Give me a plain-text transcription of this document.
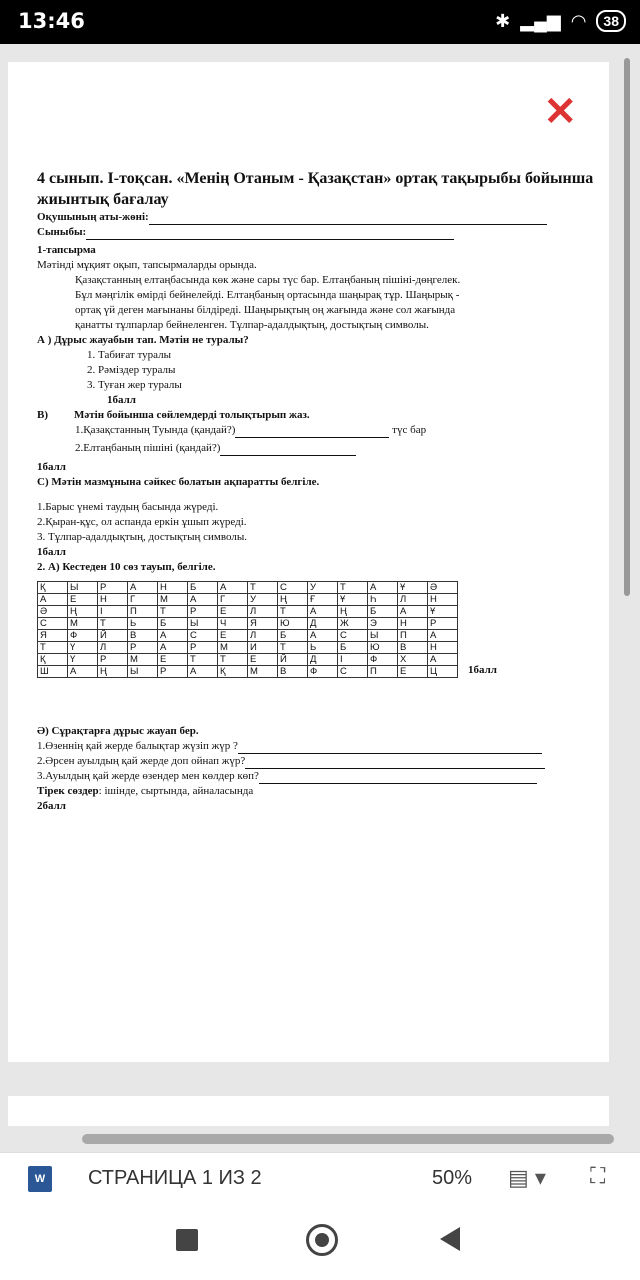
13:46	✱ ▂▄▆ ◠	38
✕
4 сынып. I-тоқсан. «Менің Отаным - Қазақстан» ортақ тақырыбы бойынша жиынтық бағалау
Оқушының аты-жөні:
Сыныбы:
1-тапсырма
Мәтінді мұқият оқып, тапсырмаларды орында.
Қазақстанның елтаңбасында көк және сары түс бар. Елтаңбаның пішіні-дөңгелек.
Бұл мәңгілік өмірді бейнелейді. Елтаңбаның ортасында шаңырақ тұр. Шаңырық -
ортақ үй деген мағынаны білдіреді. Шаңырықтың оң жағында және сол жағында
қанатты тұлпарлар бейнеленген. Тұлпар-адалдықтың, достықтың символы.
А ) Дұрыс жауабын тап. Мәтін не туралы?
1. Табиғат туралы
2. Рәміздер туралы
3. Туған жер туралы
1балл
В) Мәтін бойынша сөйлемдерді толықтырып жаз.
1.Қазақстанның Туында (қандай?)	түс бар
2.Елтаңбаның пішіні (қандай?)
1балл
С) Мәтін мазмұнына сәйкес болатын ақпаратты белгіле.
1.Барыс үнемі таудың басында жүреді.
2.Қыран-құс, ол аспанда еркін ұшып жүреді.
3. Тұлпар-адалдықтың, достықтың символы.
1балл
2. А) Кестеден 10 сөз тауып, белгіле.
Қ	Ы	Р	А	Н	Б	А	Т	С	У	Т	А	Ұ	Ә
А	Е	Н	Г	М	А	Г	У	Ң	Ғ	Ұ	Һ	Л	Н
Ә	Ң	І	П	Т	Р	Е	Л	Т	А	Ң	Б	А	Ұ
С	М	Т	Ь	Б	Ы	Ч	Я	Ю	Д	Ж	Э	Н	Р
Я	Ф	Й	В	А	С	Е	Л	Б	А	С	Ы	П	А
Т	Ү	Л	Р	А	Р	М	И	Т	Ь	Б	Ю	В	Н
Қ	Ү	Р	М	Е	Т	Т	Е	Й	Д	І	Ф	Х	А
Ш	А	Ң	Ы	Р	А	Қ	М	В	Ф	С	П	Е	Ц	1балл
Ә) Сұрақтарға дұрыс жауап бер.
1.Өзеннің қай жерде балықтар жүзіп жүр ?
2.Әрсен ауылдың қай жерде доп ойнап жүр?
3.Ауылдың қай жерде өзендер мен көлдер көп?
Тірек сөздер: ішінде, сыртында, айналасында
2балл
W	СТРАНИЦА 1 ИЗ 2	50% ▤ ▾ ⛶
